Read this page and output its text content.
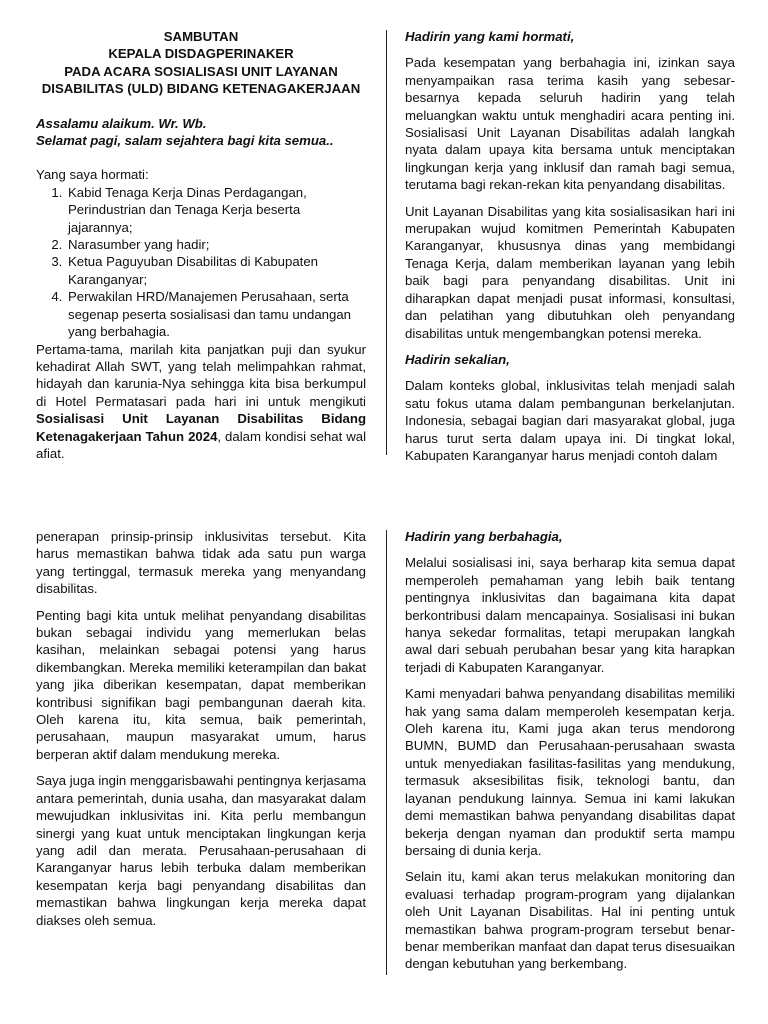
SAMBUTAN

KEPALA DISDAGPERINAKER

PADA ACARA SOSIALISASI UNIT LAYANAN

DISABILITAS (ULD) BIDANG KETENAGAKERJAAN

Assalamu alaikum. Wr. Wb.

Selamat pagi, salam sejahtera bagi kita semua..

Yang saya hormati:

1. Kabid Tenaga Kerja Dinas Perdagangan, Perindustrian dan Tenaga Kerja beserta jajarannya;
2. Narasumber yang hadir;
3. Ketua Paguyuban Disabilitas di Kabupaten Karanganyar;
4. Perwakilan HRD/Manajemen Perusahaan, serta segenap peserta sosialisasi dan tamu undangan yang berbahagia.

Pertama-tama, marilah kita panjatkan puji dan syukur kehadirat Allah SWT, yang telah melimpahkan rahmat, hidayah dan karunia-Nya sehingga kita bisa berkumpul di Hotel Permatasari pada hari ini untuk mengikuti Sosialisasi Unit Layanan Disabilitas Bidang Ketenagakerjaan Tahun 2024, dalam kondisi sehat wal afiat.

Hadirin yang kami hormati,

Pada kesempatan yang berbahagia ini, izinkan saya menyampaikan rasa terima kasih yang sebesar-besarnya kepada seluruh hadirin yang telah meluangkan waktu untuk menghadiri acara penting ini. Sosialisasi Unit Layanan Disabilitas adalah langkah nyata dalam upaya kita bersama untuk menciptakan lingkungan kerja yang inklusif dan ramah bagi semua, terutama bagi rekan-rekan kita penyandang disabilitas.

Unit Layanan Disabilitas yang kita sosialisasikan hari ini merupakan wujud komitmen Pemerintah Kabupaten Karanganyar, khususnya dinas yang membidangi Tenaga Kerja, dalam memberikan layanan yang lebih baik bagi para penyandang disabilitas. Unit ini diharapkan dapat menjadi pusat informasi, konsultasi, dan pelatihan yang dibutuhkan oleh penyandang disabilitas untuk mengembangkan potensi mereka.

Hadirin sekalian,

Dalam konteks global, inklusivitas telah menjadi salah satu fokus utama dalam pembangunan berkelanjutan. Indonesia, sebagai bagian dari masyarakat global, juga harus turut serta dalam upaya ini. Di tingkat lokal, Kabupaten Karanganyar harus menjadi contoh dalam

penerapan prinsip-prinsip inklusivitas tersebut. Kita harus memastikan bahwa tidak ada satu pun warga yang tertinggal, termasuk mereka yang menyandang disabilitas.

Penting bagi kita untuk melihat penyandang disabilitas bukan sebagai individu yang memerlukan belas kasihan, melainkan sebagai potensi yang harus dikembangkan. Mereka memiliki keterampilan dan bakat yang jika diberikan kesempatan, dapat memberikan kontribusi signifikan bagi pembangunan daerah kita. Oleh karena itu, kita semua, baik pemerintah, perusahaan, maupun masyarakat umum, harus berperan aktif dalam mendukung mereka.

Saya juga ingin menggarisbawahi pentingnya kerjasama antara pemerintah, dunia usaha, dan masyarakat dalam mewujudkan inklusivitas ini. Kita perlu membangun sinergi yang kuat untuk menciptakan lingkungan kerja yang adil dan merata. Perusahaan-perusahaan di Karanganyar harus lebih terbuka dalam memberikan kesempatan kerja bagi penyandang disabilitas dan memastikan bahwa lingkungan kerja mereka dapat diakses oleh semua.

Hadirin yang berbahagia,

Melalui sosialisasi ini, saya berharap kita semua dapat memperoleh pemahaman yang lebih baik tentang pentingnya inklusivitas dan bagaimana kita dapat berkontribusi dalam mencapainya. Sosialisasi ini bukan hanya sekedar formalitas, tetapi merupakan langkah awal dari sebuah perubahan besar yang kita harapkan terjadi di Kabupaten Karanganyar.

Kami menyadari bahwa penyandang disabilitas memiliki hak yang sama dalam memperoleh kesempatan kerja. Oleh karena itu, Kami juga akan terus mendorong BUMN, BUMD dan Perusahaan-perusahaan swasta untuk menyediakan fasilitas-fasilitas yang mendukung, termasuk aksesibilitas fisik, teknologi bantu, dan layanan pendukung lainnya. Semua ini kami lakukan demi memastikan bahwa penyandang disabilitas dapat bekerja dengan nyaman dan produktif serta mampu bersaing di dunia kerja.

Selain itu, kami akan terus melakukan monitoring dan evaluasi terhadap program-program yang dijalankan oleh Unit Layanan Disabilitas. Hal ini penting untuk memastikan bahwa program-program tersebut benar-benar memberikan manfaat dan dapat terus disesuaikan dengan kebutuhan yang berkembang.
